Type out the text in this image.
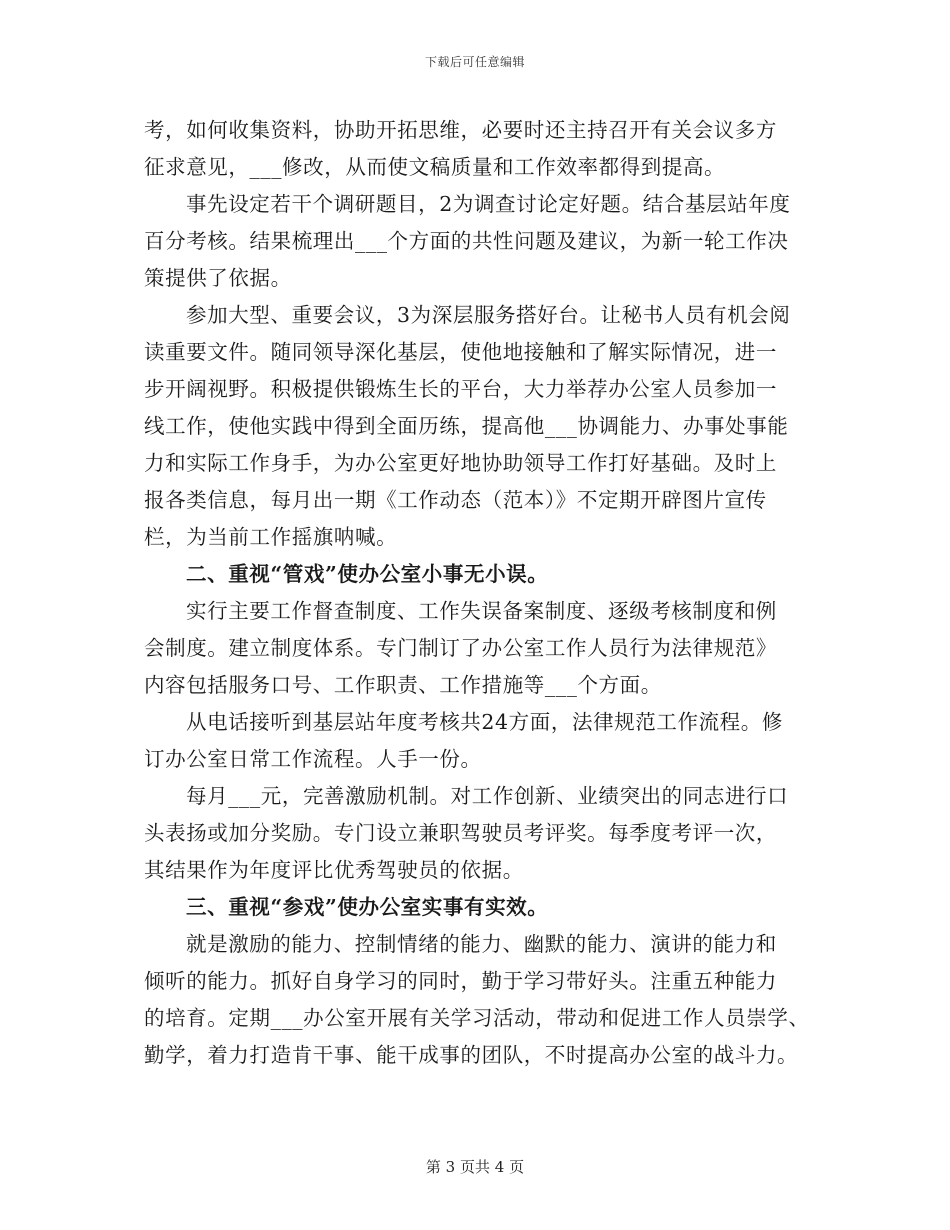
下载后可任意编辑
考，如何收集资料，协助开拓思维，必要时还主持召开有关会议多方
征求意见，___修改，从而使文稿质量和工作效率都得到提高。
事先设定若干个调研题目，2为调查讨论定好题。结合基层站年度
百分考核。结果梳理出___个方面的共性问题及建议，为新一轮工作决
策提供了依据。
参加大型、重要会议，3为深层服务搭好台。让秘书人员有机会阅
读重要文件。随同领导深化基层，使他地接触和了解实际情况，进一
步开阔视野。积极提供锻炼生长的平台，大力举荐办公室人员参加一
线工作，使他实践中得到全面历练，提高他___协调能力、办事处事能
力和实际工作身手，为办公室更好地协助领导工作打好基础。及时上
报各类信息，每月出一期《工作动态（范本）》不定期开辟图片宣传
栏，为当前工作摇旗呐喊。
二、重视“管戏”使办公室小事无小误。
实行主要工作督查制度、工作失误备案制度、逐级考核制度和例
会制度。建立制度体系。专门制订了办公室工作人员行为法律规范》
内容包括服务口号、工作职责、工作措施等___个方面。
从电话接听到基层站年度考核共24方面，法律规范工作流程。修
订办公室日常工作流程。人手一份。
每月___元，完善激励机制。对工作创新、业绩突出的同志进行口
头表扬或加分奖励。专门设立兼职驾驶员考评奖。每季度考评一次，
其结果作为年度评比优秀驾驶员的依据。
三、重视“参戏”使办公室实事有实效。
就是激励的能力、控制情绪的能力、幽默的能力、演讲的能力和
倾听的能力。抓好自身学习的同时，勤于学习带好头。注重五种能力
的培育。定期___办公室开展有关学习活动，带动和促进工作人员崇学、
勤学，着力打造肯干事、能干成事的团队，不时提高办公室的战斗力。
第 3 页共 4 页
